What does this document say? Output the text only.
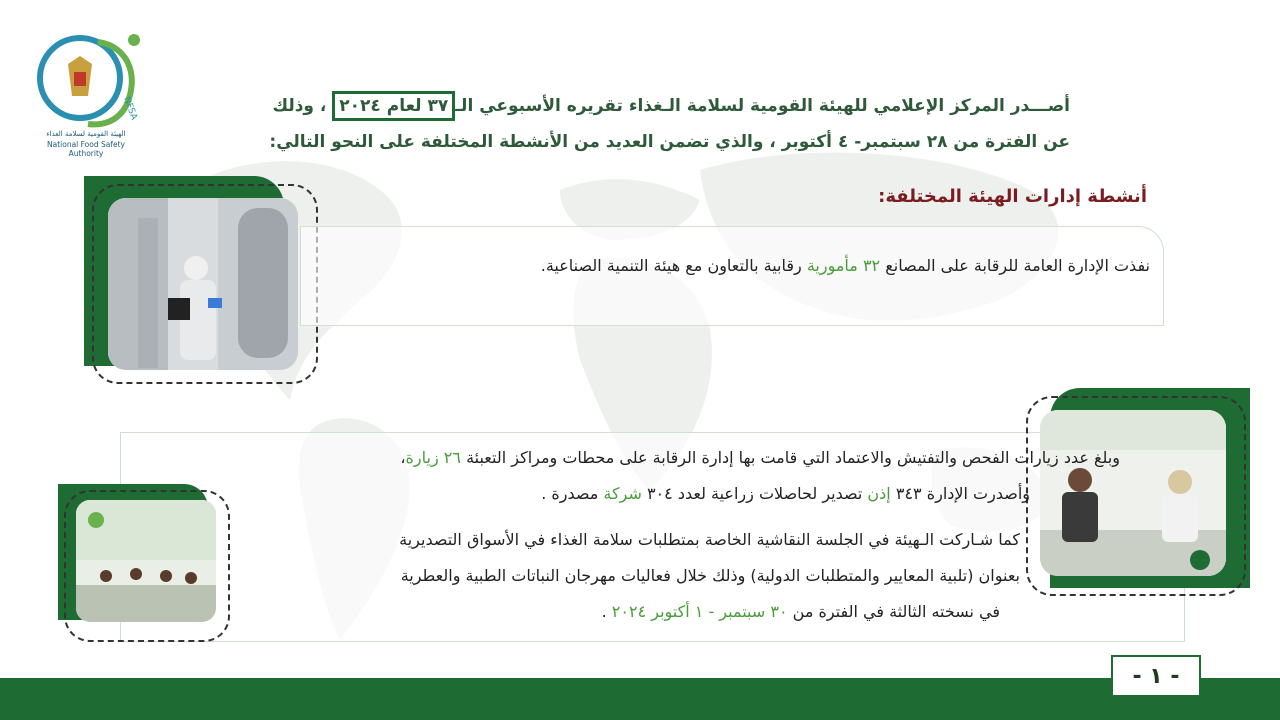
NFSA
الهيئة القومية لسلامة الغذاء
National Food Safety Authority
أصـــدر المركز الإعلامي للهيئة القومية لسلامة الـغذاء تقريره الأسبوعي الـ٣٧ لعام ٢٠٢٤ ، وذلك
عن الفترة من ٢٨ سبتمبر- ٤ أكتوبر ، والذي تضمن العديد من الأنشطة المختلفة على النحو التالي:
أنشطة إدارات الهيئة المختلفة:
نفذت الإدارة العامة للرقابة على المصانع ٣٢ مأمورية رقابية بالتعاون مع هيئة التنمية الصناعية.
وبلغ عدد زيارات الفحص والتفتيش والاعتماد التي قامت بها إدارة الرقابة على محطات ومراكز التعبئة ٢٦ زيارة،
وأصدرت الإدارة ٣٤٣ إذن تصدير لحاصلات زراعية لعدد ٣٠٤ شركة مصدرة .
كما شـاركت الـهيئة في الجلسة النقاشية الخاصة بمتطلبات سلامة الغذاء في الأسواق التصديرية
بعنوان (تلبية المعايير والمتطلبات الدولية) وذلك خلال فعاليات مهرجان النباتات الطبية والعطرية
في نسخته الثالثة في الفترة من ٣٠ سبتمبر - ١ أكتوبر ٢٠٢٤ .
- ١ -
